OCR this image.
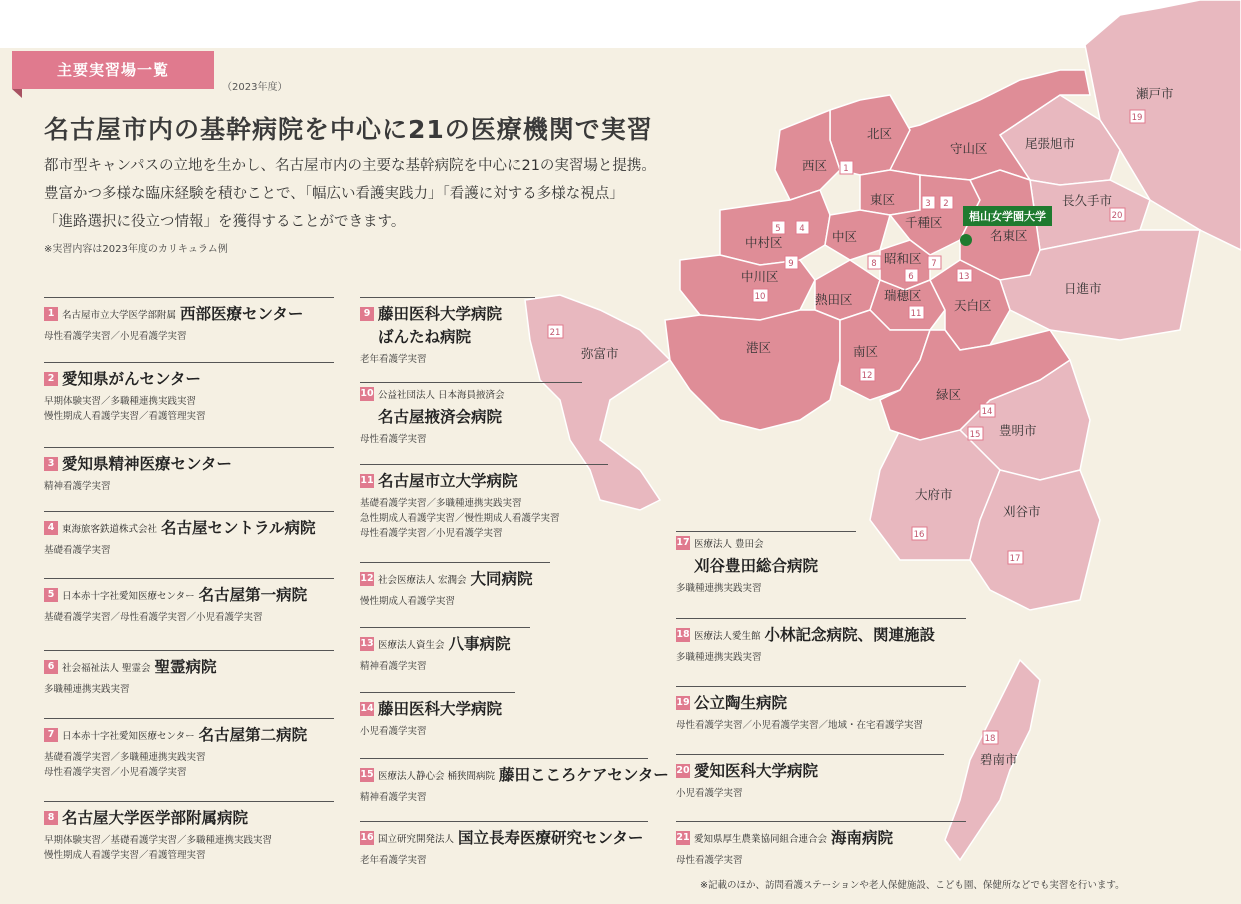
北区
西区
守山区
東区
千種区
中村区	中区	名東区
中川区
昭和区
熱田区	瑞穂区
天白区
港区	南区
緑区
瀬戸市
尾張旭市
長久手市
日進市
弥富市
豊明市
大府市
刈谷市
碧南市
1
2
3
4
5
6
7
8
9
10
11
12
13
14
15
16
17
18
19
20
21
椙山女学園大学
主要実習場一覧
（2023年度）
名古屋市内の基幹病院を中心に21の医療機関で実習
都市型キャンパスの立地を生かし、名古屋市内の主要な基幹病院を中心に21の実習場と提携。
豊富かつ多様な臨床経験を積むことで、「幅広い看護実践力」「看護に対する多様な視点」
「進路選択に役立つ情報」を獲得することができます。
※実習内容は2023年度のカリキュラム例
1 名古屋市立大学医学部附属 西部医療センター
母性看護学実習／小児看護学実習
2 愛知県がんセンター
早期体験実習／多職種連携実践実習
慢性期成人看護学実習／看護管理実習
3 愛知県精神医療センター
精神看護学実習
4 東海旅客鉄道株式会社 名古屋セントラル病院
基礎看護学実習
5 日本赤十字社愛知医療センター 名古屋第一病院
基礎看護学実習／母性看護学実習／小児看護学実習
6 社会福祉法人 聖霊会 聖霊病院
多職種連携実践実習
7 日本赤十字社愛知医療センター 名古屋第二病院
基礎看護学実習／多職種連携実践実習
母性看護学実習／小児看護学実習
8 名古屋大学医学部附属病院
早期体験実習／基礎看護学実習／多職種連携実践実習
慢性期成人看護学実習／看護管理実習
9 藤田医科大学病院
ばんたね病院
老年看護学実習
10 公益社団法人 日本海員掖済会
名古屋掖済会病院
母性看護学実習
11 名古屋市立大学病院
基礎看護学実習／多職種連携実践実習
急性期成人看護学実習／慢性期成人看護学実習
母性看護学実習／小児看護学実習
12 社会医療法人 宏潤会 大同病院
慢性期成人看護学実習
13 医療法人資生会 八事病院
精神看護学実習
14 藤田医科大学病院
小児看護学実習
15 医療法人静心会 桶狭間病院 藤田こころケアセンター
精神看護学実習
16 国立研究開発法人 国立長寿医療研究センター
老年看護学実習
17 医療法人 豊田会
刈谷豊田総合病院
多職種連携実践実習
18 医療法人愛生館 小林記念病院、関連施設
多職種連携実践実習
19 公立陶生病院
母性看護学実習／小児看護学実習／地域・在宅看護学実習
20 愛知医科大学病院
小児看護学実習
21 愛知県厚生農業協同組合連合会 海南病院
母性看護学実習
※記載のほか、訪問看護ステーションや老人保健施設、こども園、保健所などでも実習を行います。
